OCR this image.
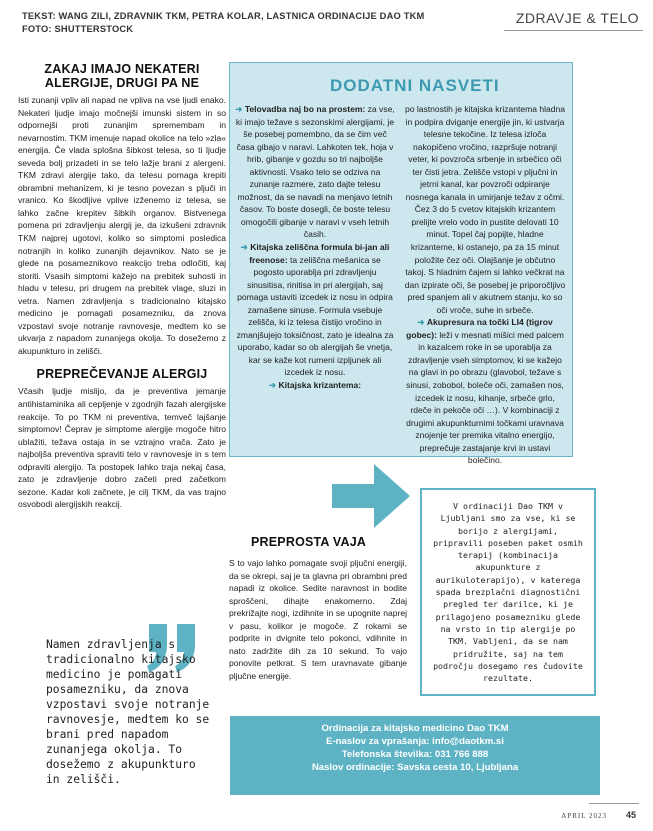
TEKST: WANG ZILI, ZDRAVNIK TKM, PETRA KOLAR, LASTNICA ORDINACIJE DAO TKM
FOTO: SHUTTERSTOCK
ZDRAVJE & TELO
ZAKAJ IMAJO NEKATERI ALERGIJE, DRUGI PA NE
Isti zunanji vpliv ali napad ne vpliva na vse ljudi enako. Nekateri ljudje imajo močnejši imunski sistem in so odpornejši proti zunanjim spremembam in nevarnostim. TKM imenuje napad okolice na telo »zla« energija. Če vlada splošna šibkost telesa, so ti ljudje seveda bolj prizadeti in se telo lažje brani z alergeni. TKM zdravi alergije tako, da telesu pomaga krepiti obrambni mehanizem, ki je tesno povezan s pljuči in vranico. Ko škodljive vplive izženemo iz telesa, se lahko začne krepitev šibkih organov. Bistvenega pomena pri zdravljenju alergij je, da izkušeni zdravnik TKM najprej ugotovi, koliko so simptomi posledica notranjih in koliko zunanjih dejavnikov. Nato se je glede na posameznikovo reakcijo treba odločiti, kaj storiti. Vsasih simptomi kažejo na prebitek suhosti in hladu v telesu, pri drugem na prebitek vlage, sluzi in vetra. Namen zdravljenja s tradicionalno kitajsko medicino je pomagati posamezniku, da znova vzpostavi svoje notranje ravnovesje, medtem ko se ukvarja z napadom zunanjega okolja. To dosežemo z akupunkturo in zelišči.
PREPREČEVANJE ALERGIJ
Včasih ljudje mislijo, da je preventiva jemanje antihistaminika ali cepljenje v zgodnjih fazah alergijske reakcije. To po TKM ni preventiva, temveč lajšanje simptomov! Čeprav je simptome alergije mogoče hitro ublažiti, težava ostaja in se vztrajno vrača. Zato je najboljša preventiva spraviti telo v ravnovesje in s tem odpraviti alergijo. Ta postopek lahko traja nekaj časa, zato je zdravljenje dobro začeti pred začetkom sezone. Kadar koli začnete, je cilj TKM, da vas trajno osvobodi alergijskih reakcij.
DODATNI NASVETI

➜ Telovadba naj bo na prostem: za vse, ki imajo težave s sezonskimi alergijami, je še posebej pomembno, da se čim več časa gibajo v naravi. Lahkoten tek, hoja v hrib, gibanje v gozdu so tri najboljše aktivnosti. Vsako telo se odziva na zunanje razmere, zato dajte telesu možnost, da se navadi na menjavo letnih časov. To boste dosegli, če boste telesu omogočili gibanje v naravi v vseh letnih časih.

➜ Kitajska zeliščna formula bi-jan ali freenose: ta zeliščna mešanica se pogosto uporablja pri zdravljenju sinusitisa, rinitisa in pri alergijah, saj pomaga ustaviti izcedek iz nosu in odpira zamašene sinuse. Formula vsebuje zelišča, ki iz telesa čistijo vročino in zmanjšujejo toksičnost, zato je idealna za uporabo, kadar so ob alergijah še vnetja, kar se kaže kot rumeni izpljunek ali izcedek iz nosu.

➜ Kitajska krizantema:

po lastnostih je kitajska krizantema hladna in podpira dviganje energije jin, ki ustvarja telesne tekočine. Iz telesa izloča nakopičeno vročino, razpršuje notranji veter, ki povzroča srbenje in srbečico oči ter čisti jetra. Zelišče vstopi v pljučni in jetrni kanal, kar povzroči odpiranje nosnega kanala in umirjanje težav z očmi. Čez 3 do 5 cvetov kitajskih krizantem prelijte vrelo vodo in pustite delovati 10 minut. Topel čaj popijte, hladne krizanteme, ki ostanejo, pa za 15 minut položite čez oči. Olajšanje je občutno takoj. S hladnim čajem si lahko večkrat na dan izpirate oči, še posebej je priporočljivo pred spanjem ali v akutnem stanju, ko so oči vroče, suhe in srbeče.

➜ Akupresura na točki LI4 (tigrov gobec): leži v mesnati mišici med palcem in kazalcem roke in se uporablja za zdravljenje vseh simptomov, ki se kažejo na glavi in po obrazu (glavobol, težave s sinusi, zobobol, boleče oči, zamašen nos, izcedek iz nosu, kihanje, srbeče grlo, rdeče in pekoče oči …). V kombinaciji z drugimi akupunkturnimi točkami uravnava znojenje ter premika vitalno energijo, preprečuje zastajanje krvi in ustavi bolečino.

V ordinaciji Dao TKM v Ljubljani smo za vse, ki se borijo z alergijami, pripravili poseben paket osmih terapij (kombinacija akupunkture z aurikuloterapijo), v katerega spada brezplačni diagnostični pregled ter darilce, ki je prilagojeno posamezniku glede na vrsto in tip alergije po TKM. Vabljeni, da se nam pridružite, saj na tem področju dosegamo res čudovite rezultate.
PREPROSTA VAJA
S to vajo lahko pomagate svoji pljučni energiji, da se okrepi, saj je ta glavna pri obrambni pred napadi iz okolice. Sedite naravnost in bodite sproščeni, dihajte enakomerno. Zdaj prekrižajte nogi, izdihnite in se upognite naprej v pasu, kolikor je mogoče. Z rokami se podprite in dvignite telo pokonci, vdihnite in nato zadržite dih za 10 sekund. To vajo ponovite petkrat. S tem uravnavate gibanje pljučne energije.
Namen zdravljenja s tradicionalno kitajsko medicino je pomagati posamezniku, da znova vzpostavi svoje notranje ravnovesje, medtem ko se brani pred napadom zunanjega okolja. To dosežemo z akupunkturo in zelišči.
Ordinacija za kitajsko medicino Dao TKM
E-naslov za vprašanja: info@daotkm.si
Telefonska številka: 031 766 888
Naslov ordinacije: Savska cesta 10, Ljubljana
APRIL 2023 45
